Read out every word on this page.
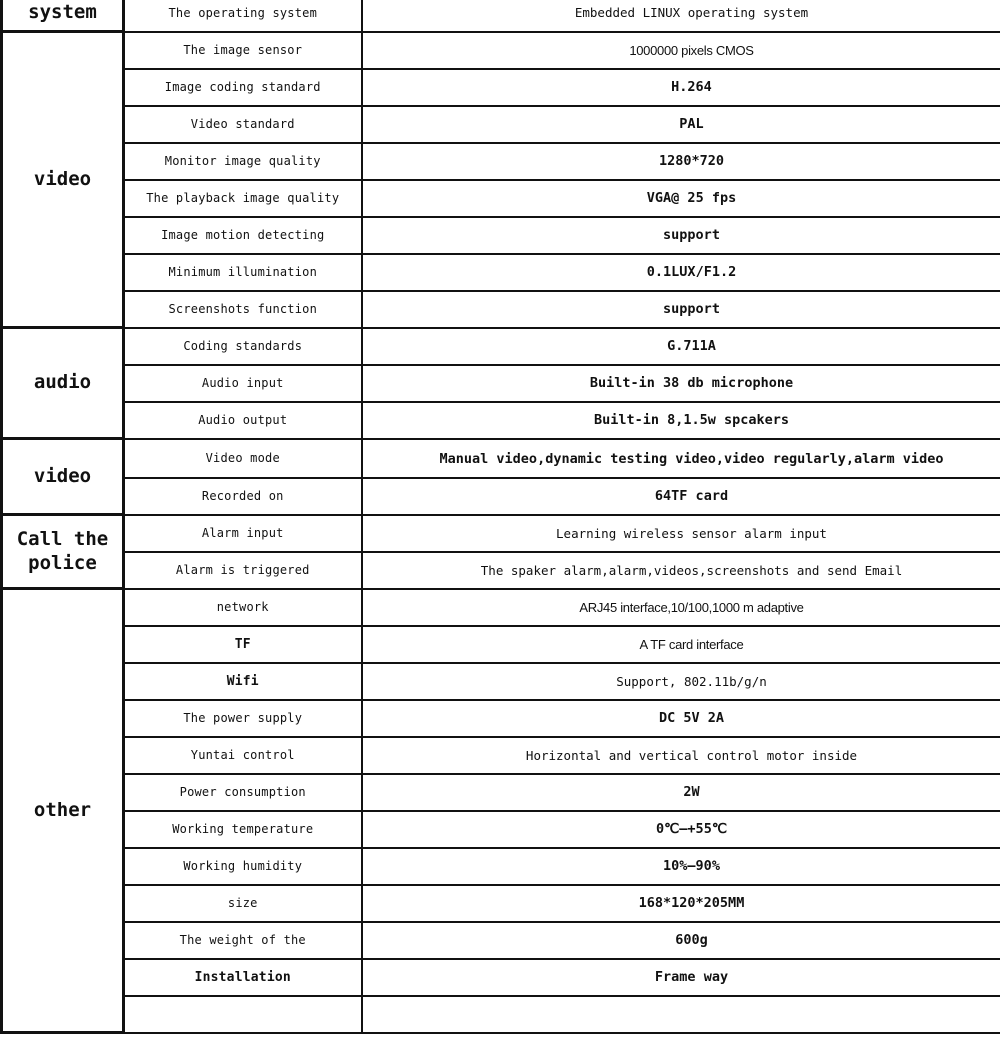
system	The operating system	Embedded LINUX operating system
video	The image sensor	1000000 pixels CMOS
	Image coding standard	H.264
	Video standard	PAL
	Monitor image quality	1280*720
	The playback image quality	VGA@ 25 fps
	Image motion detecting	support
	Minimum illumination	0.1LUX/F1.2
	Screenshots function	support
audio	Coding standards	G.711A
	Audio input	Built-in 38 db microphone
	Audio output	Built-in 8,1.5w spcakers
video	Video mode	Manual video,dynamic testing video,video regularly,alarm video
	Recorded on	64TF card
Call the police	Alarm input	Learning wireless sensor alarm input
	Alarm is triggered	The spaker alarm,alarm,videos,screenshots and send Email
other	network	ARJ45 interface,10/100,1000 m adaptive
	TF	A TF card interface
	Wifi	Support, 802.11b/g/n
	The power supply	DC 5V 2A
	Yuntai control	Horizontal and vertical control motor inside
	Power consumption	2W
	Working temperature	0℃—+55℃
	Working humidity	10%—90%
	size	168*120*205MM
	The weight of the	600g
	Installation	Frame way
